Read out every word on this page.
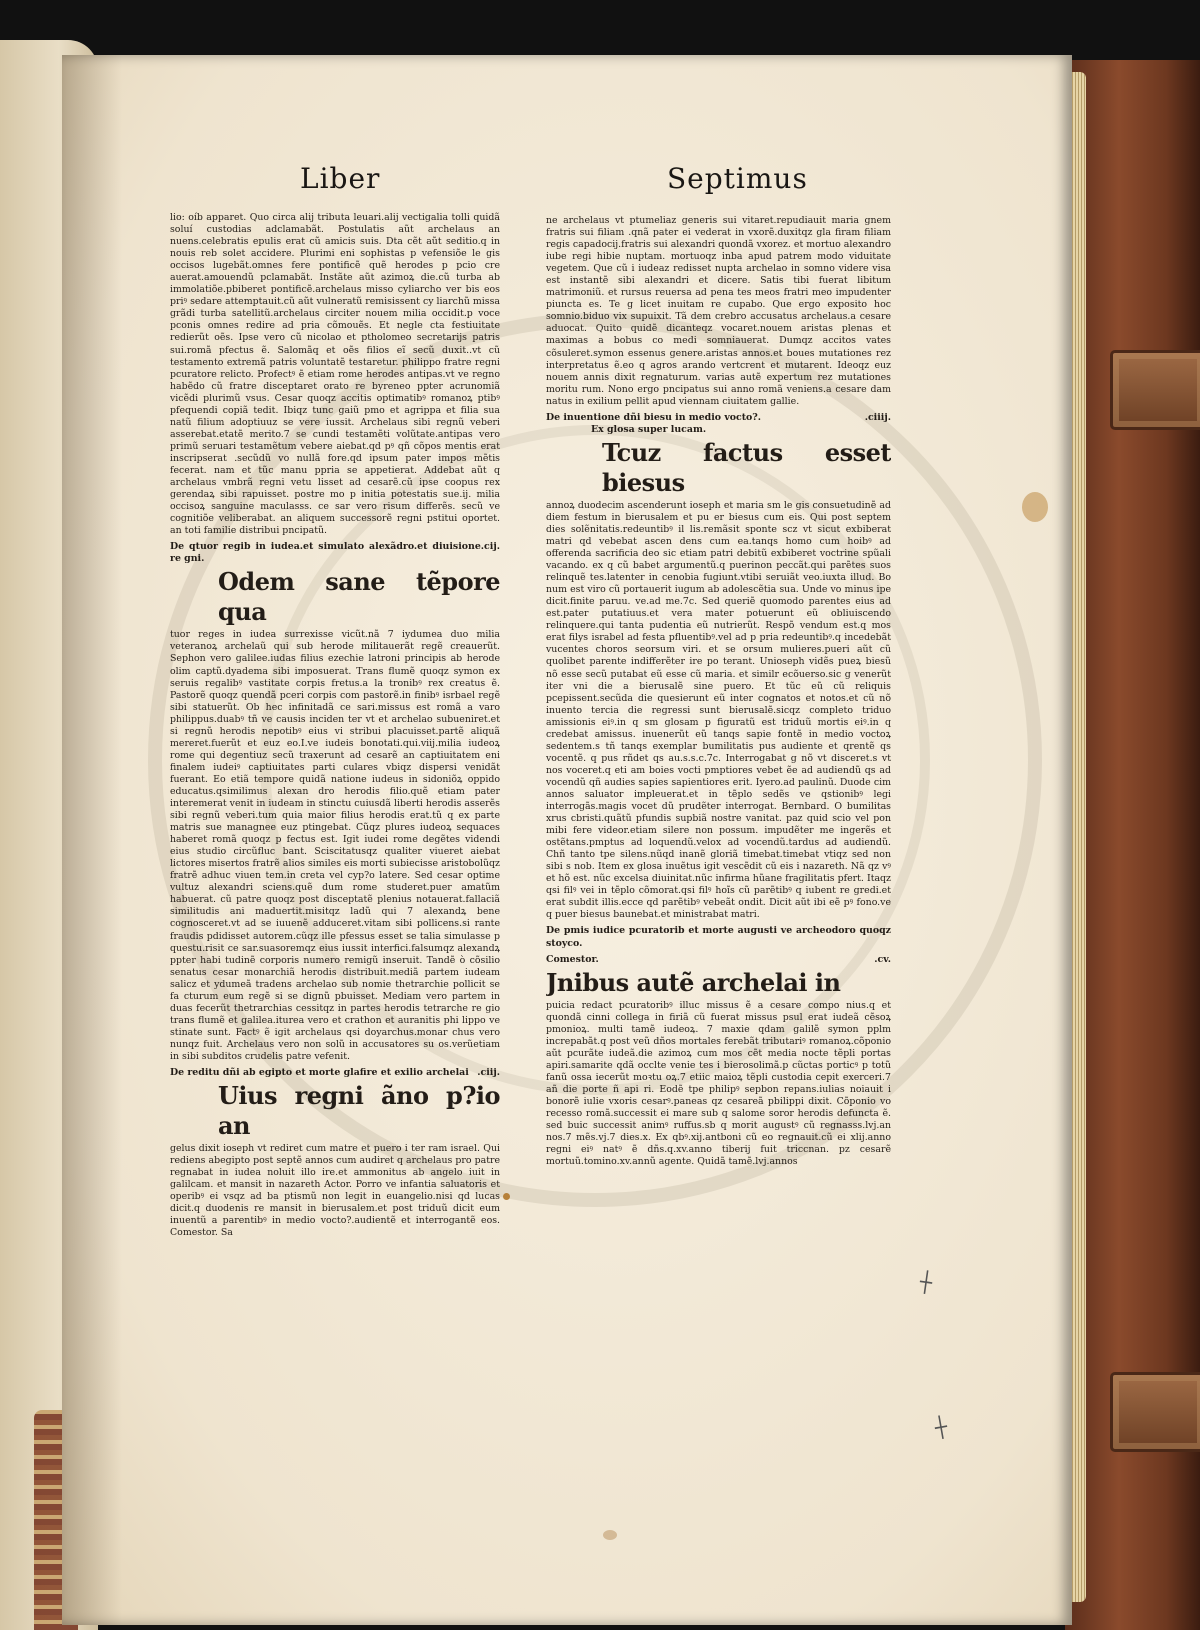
Liber	Septimus

lio: oíb apparet. Quo circa alij tributa leuari.alij vectigalia tolli quidã soluí custodias adclamabãt. Postulatis aũt archelaus an nuens.celebratis epulis erat cũ amicis suis. Dta cẽt aũt seditio.q in nouis reb solet accidere. Plurimi eni sophistas p vefensiõe le gis occisos lugebãt.omnes fere pontificẽ quẽ herodes p pcio cre auerat.amouendũ pclamabãt. Instãte aũt azimoꝝ die.cũ turba ab immolatiõe.pbiberet pontificẽ.archelaus misso cyliarcho ver bis eos priꝰ sedare attemptauit.cũ aũt vulneratũ remisissent cy liarchũ missa grãdi turba satellitũ.archelaus circiter nouem milia occidit.p voce pconis omnes redire ad pria cõmouẽs. Et negle cta festiuitate redierũt oẽs. Ipse vero cũ nicolao et ptholomeo secretarijs patris sui.romã pfectus ẽ. Salomãq et oẽs filios eĩ secũ duxit..vt cũ testamento extremã patris voluntatẽ testaretur. philippo fratre regni pcuratore relicto. Profectꝰ ẽ etiam rome herodes antipas.vt ve regno habẽdo cũ fratre disceptaret orato re byreneo ppter acrunomiã vicẽdi plurimũ vsus. Cesar quoqz accitis optimatibꝰ romanoꝝ ptibꝰ pfequendi copiã tedit. Ibiqz tunc gaiũ pmo et agrippa et filia sua natũ filium adoptiuuz se vere iussit. Archelaus sibi regnũ veberi asserebat.etatẽ merito.7 se cundi testamẽti volũtate.antipas vero primũ seruari testamẽtum vebere aiebat.qd pꝰ qñ cõpos mentis erat inscripserat .secũdũ vo nullã fore.qd ipsum pater impos mẽtis fecerat. nam et tũc manu ppria se appetierat. Addebat aũt q archelaus vmbrã regni vetu lisset ad cesarẽ.cũ ipse coopus rex gerendaꝝ sibi rapuisset. postre mo p initia potestatis sue.ij. milia occisoꝝ sanguine maculasss. ce sar vero risum differẽs. secũ ve cognitiõe veliberabat. an aliquem successorẽ regni pstitui oportet. an toti familie distribui pncipatũ.

De qtuor regib in iudea.et simulato alexãdro.et diuisione re gni.
.cij.
Odem sane tẽpore qua

tuor reges in iudea surrexisse vicũt.nã 7 iydumea duo milia veteranoꝝ archelaũ qui sub herode militauerãt regẽ creauerũt. Sephon vero galilee.iudas filius ezechie latroni principis ab herode olim captũ.dyadema sibi imposuerat. Trans flumẽ quoqz symon ex seruis regalibꝰ vastitate corpis fretus.a la tronibꝰ rex creatus ẽ. Pastorẽ quoqz quendã pceri corpis com pastorẽ.in finibꝰ isrbael regẽ sibi statuerũt. Ob hec infinitadã ce sari.missus est romã a varo philippus.duabꝰ tñ ve causis inciden ter vt et archelao subueniret.et si regnũ herodis nepotibꝰ eius vi stribui placuisset.partẽ aliquã mereret.fuerũt et euz eo.I.ve iudeis bonotati.qui.viij.milia iudeoꝝ rome qui degentiuz secũ traxerunt ad cesarẽ an captiuitatem eni finalem iudeiꝰ captiuitates parti culares vbiqz dispersi venidãt fuerant. Eo etiã tempore quidã natione iudeus in sidoniõꝝ oppido educatus.qsimilimus alexan dro herodis filio.quẽ etiam pater interemerat venit in iudeam in stinctu cuiusdã liberti herodis asserẽs sibi regnũ veberi.tum quia maior filius herodis erat.tũ q ex parte matris sue managnee euz ptingebat. Cũqz plures iudeoꝝ sequaces haberet romã quoqz p fectus est. Igit iudei rome degẽtes videndi eius studio circũfluc bant. Sciscitatusqz qualiter viueret aiebat lictores misertos fratrẽ alios similes eis morti subiecisse aristobolũqz fratrẽ adhuc viuen tem.in creta vel cyp?o latere. Sed cesar optime vultuz alexandri sciens.quẽ dum rome studeret.puer amatũm habuerat. cũ patre quoqz post disceptatẽ plenius notauerat.fallaciã similitudis ani maduertit.misitqz ladũ qui 7 alexandꝝ bene cognosceret.vt ad se iuuenẽ adduceret.vitam sibi pollicens.si rante fraudis pdidisset autorem.cũqz ille pfessus esset se talia simulasse p questu.risit ce sar.suasoremqz eius iussit interfici.falsumqz alexandꝝ ppter habi tudinẽ corporis numero remigũ inseruit. Tandẽ ò cõsilio senatus cesar monarchiã herodis distribuit.mediã partem iudeam salicz et ydumeã tradens archelao sub nomie thetrarchie pollicit se fa cturum eum regẽ si se dignũ pbuisset. Mediam vero partem in duas fecerũt thetrarchias cessitqz in partes herodis tetrarche re gio trans flumẽ et galilea.iturea vero et crathon et auranitis phi lippo ve stinate sunt. Factꝰ ẽ igit archelaus qsi doyarchus.monar chus vero nunqz fuit. Archelaus vero non solũ in accusatores su os.verũetiam in sibi subditos crudelis patre vefenit.

De reditu dñi ab egipto et morte glafire et exilio archelai .ciij.
Uius regni ãno p?io an

gelus dixit ioseph vt rediret cum matre et puero i ter ram israel. Qui rediens abegipto post septẽ annos cum audiret q archelaus pro patre regnabat in iudea noluit illo ire.et ammonitus ab angelo iuit in galilcam. et mansit in nazareth Actor. Porro ve infantia saluatoris et operibꝰ ei vsqz ad ba ptismũ non legit in euangelio.nisi qd lucas dicit.q duodenis re mansit in bierusalem.et post triduũ dicit eum inuentũ a parentibꝰ in medio vocto?.audientẽ et interrogantẽ eos. Comestor. Sa

ne archelaus vt ptumeliaz generis sui vitaret.repudiauit maria gnem fratris sui filiam .qnã pater ei vederat in vxorẽ.duxitqz gla firam filiam regis capadocij.fratris sui alexandri quondã vxorez. et mortuo alexandro iube regi hibie nuptam. mortuoqz inba apud patrem modo viduitate vegetem. Que cũ i iudeaz redisset nupta archelao in somno videre visa est instantẽ sibi alexandri et dicere. Satis tibi fuerat libitum matrimoniũ. et rursus reuersa ad pena tes meos fratri meo impudenter piuncta es. Te g licet inuitam re cupabo. Que ergo exposito hoc somnio.biduo vix supuixit. Tã dem crebro accusatus archelaus.a cesare aduocat. Quito quidẽ dicanteqz vocaret.nouem aristas plenas et maximas a bobus co medi somniauerat. Dumqz accitos vates cõsuleret.symon essenus genere.aristas annos.et boues mutationes rez interpretatus ẽ.eo q agros arando vertcrent et mutarent. Ideoqz euz nouem annis dixit regnaturum. varias autẽ expertum rez mutationes moritu rum. Nono ergo pncipatus sui anno romã veniens.a cesare dam natus in exilium pellit apud viennam ciuitatem gallie.

De inuentione dñi biesu in medio vocto?.	.ciiij.
Ex glosa super lucam.
Tcuz factus esset biesus

annoꝝ duodecim ascenderunt ioseph et maria sm le gis consuetudinẽ ad diem festum in bierusalem et pu er biesus cum eis. Qui post septem dies solẽnitatis.redeuntibꝰ il lis.remãsit sponte scz vt sicut exbiberat matri qd vebebat ascen dens cum ea.tanqs homo cum hoibꝰ ad offerenda sacrificia deo sic etiam patri debitũ exbiberet voctrine spũali vacando. ex q cũ babet argumentũ.q puerinon peccãt.qui parẽtes suos relinquẽ tes.latenter in cenobia fugiunt.vtibi seruiãt veo.iuxta illud. Bo num est viro cũ portauerit iugum ab adolescẽtia sua. Unde vo minus ipe dicit.finite paruu. ve.ad me.7c. Sed queriẽ quomodo parentes eius ad est.pater putatiuus.et vera mater potuerunt eũ obliuiscendo relinquere.qui tanta pudentia eũ nutrierũt. Respõ vendum est.q mos erat filys israbel ad festa pfluentibꝰ.vel ad p pria redeuntibꝰ.q incedebãt vucentes choros seorsum viri. et se orsum mulieres.pueri aũt cũ quolibet parente indifferẽter ire po terant. Unioseph vidẽs pueꝝ biesũ nõ esse secũ putabat eũ esse cũ maria. et similr ecõuerso.sic g venerũt iter vni die a bierusalẽ sine puero. Et tũc eũ cũ reliquis pcepissent.secũda die quesierunt eũ inter cognatos et notos.et cũ nõ inuento tercia die regressi sunt bierusalẽ.sicqz completo triduo amissionis eiꝰ.in q sm glosam p figuratũ est triduũ mortis eiꝰ.in q credebat amissus. inuenerũt eũ tanqs sapie fontẽ in medio voctoꝝ sedentem.s tñ tanqs exemplar bumilitatis pus audiente et qrentẽ qs vocentẽ. q pus rñdet qs au.s.s.c.7c. Interrogabat g nõ vt disceret.s vt nos voceret.q eti am boies vocti pmptiores vebet ẽe ad audiendũ qs ad vocendũ qñ audies sapies sapientiores erit. Iyero.ad paulinũ. Duode cim annos saluator impleuerat.et in tẽplo sedẽs ve qstionibꝰ legi interrogãs.magis vocet dũ prudẽter interrogat. Bernbard. O bumilitas xrus cbristi.quãtũ pfundis supbiã nostre vanitat. paz quid scio vel pon mibi fere videor.etiam silere non possum. impudẽter me ingerẽs et ostẽtans.pmptus ad loquendũ.velox ad vocendũ.tardus ad audiendũ. Chñ tanto tpe silens.nũqd inanẽ gloriã timebat.timebat vtiqz sed non sibi s nob. Item ex glosa inuẽtus igit vescẽdit cũ eis i nazareth. Nã qz vꝰ et hõ est. nũc excelsa diuinitat.nũc infirma hũane fragilitatis pfert. Itaqz qsi filꝰ vei in tẽplo cõmorat.qsi filꝰ hoĩs cũ parẽtibꝰ q iubent re gredi.et erat subdit illis.ecce qd parẽtibꝰ vebeãt ondit. Dicit aũt ibi eẽ pꝰ fono.ve q puer biesus baunebat.et ministrabat matri.

De pmis iudice pcuratorib et morte augusti ve archeodoro quoqz stoyco.
Comestor.	.cv.
Jnibus autẽ archelai in

puicia redact pcuratoribꝰ illuc missus ẽ a cesare compo nius.q et quondã cinni collega in firiã cũ fuerat missus psul erat iudeã cẽsoꝝ pmonioꝝ. multi tamẽ iudeoꝝ. 7 maxie qdam galilẽ symon pplm increpabãt.q post veũ dños mortales ferebãt tributariꝰ romanoꝝ.cõponio aũt pcurãte iudeã.die azimoꝝ cum mos cẽt media nocte tẽpli portas apiri.samarite qdã occlte venie tes i bierosolimã.p cũctas porticꝰ p totũ fanũ ossa iecerũt moꝛtu oꝝ.7 etiic maioꝝ tẽpli custodia cepit exerceri.7 añ die porte ñ api ri. Eodẽ tpe philipꝰ sepbon repans.iulias noiauit i bonorẽ iulie vxoris cesarꝰ.paneas qz cesareã pbilippi dixit. Cõponio vo recesso romã.successit ei mare sub q salome soror herodis defuncta ẽ. sed buic successit animꝰ ruffus.sb q morit augustꝰ cũ regnasss.lvj.an nos.7 mẽs.vj.7 dies.x. Ex qbꝰ.xij.antboni cũ eo regnauit.cũ ei xlij.anno regni eiꝰ natꝰ ẽ dñs.q.xv.anno tiberij fuit triccnan. pz cesarẽ mortuũ.tomino.xv.annũ agente. Quidã tamẽ.lvj.annos

┼
┼
